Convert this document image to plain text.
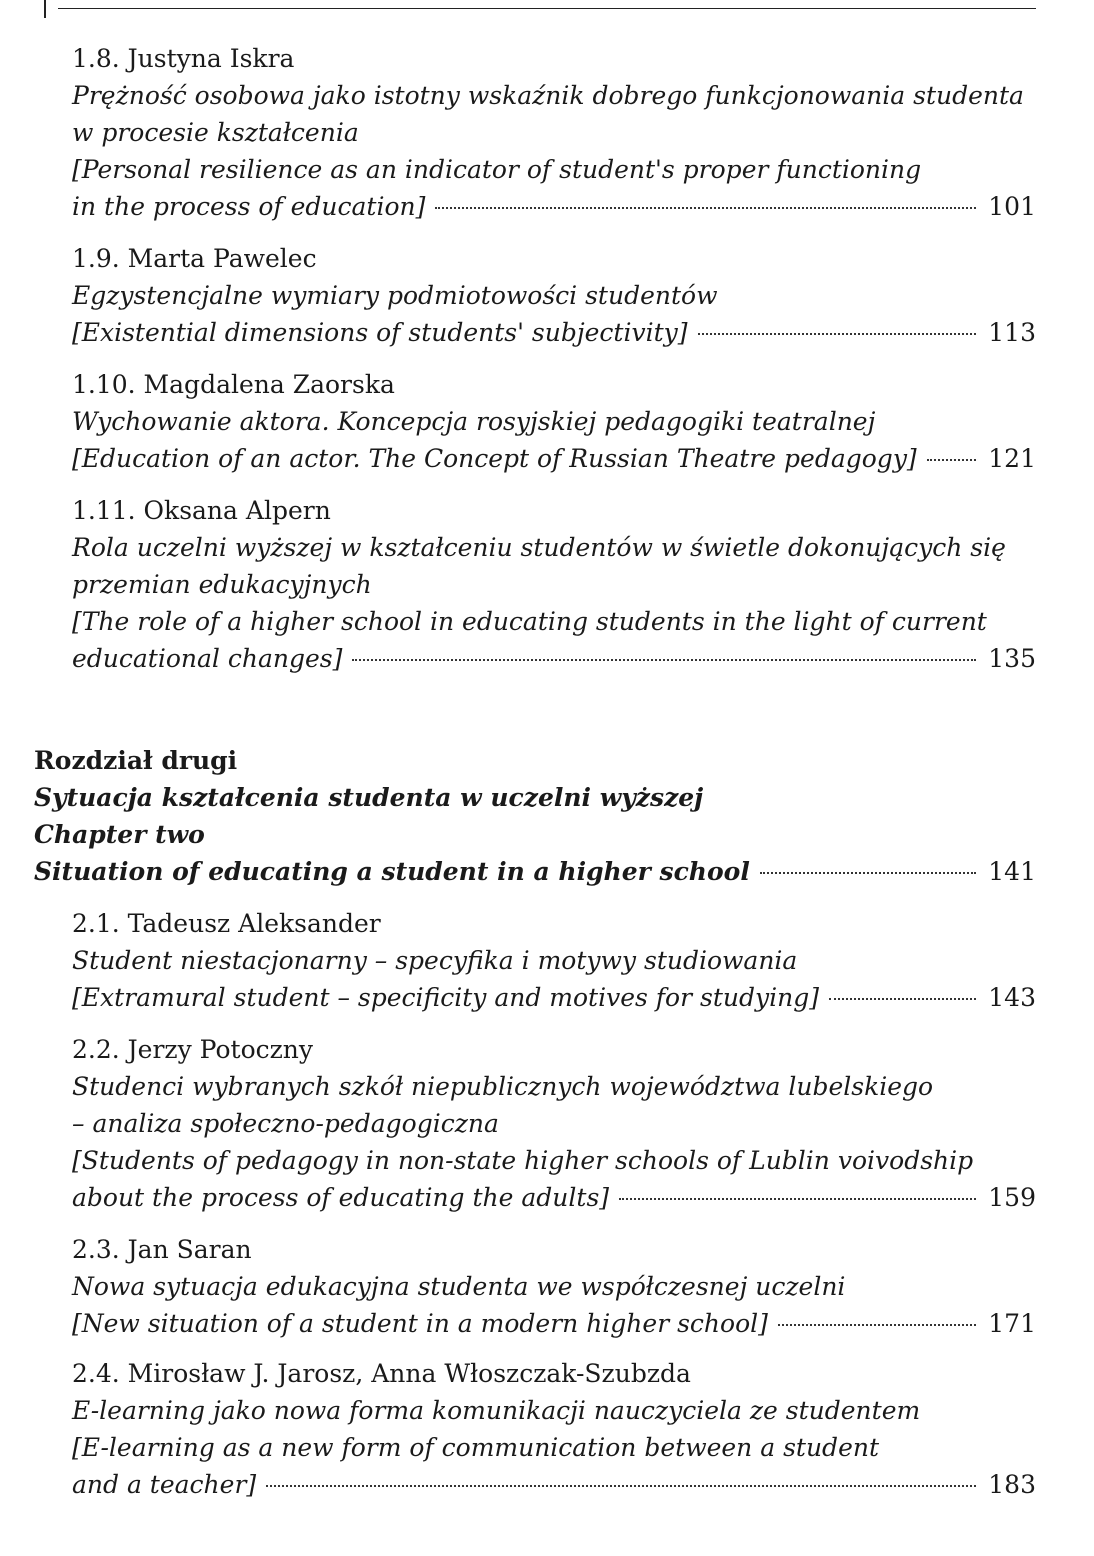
1.8. Justyna Iskra
Prężność osobowa jako istotny wskaźnik dobrego funkcjonowania studenta
w procesie kształcenia
[Personal resilience as an indicator of student's proper functioning
in the process of education]	101
1.9. Marta Pawelec
Egzystencjalne wymiary podmiotowości studentów
[Existential dimensions of students' subjectivity]	113
1.10. Magdalena Zaorska
Wychowanie aktora. Koncepcja rosyjskiej pedagogiki teatralnej
[Education of an actor. The Concept of Russian Theatre pedagogy]	121
1.11. Oksana Alpern
Rola uczelni wyższej w kształceniu studentów w świetle dokonujących się
przemian edukacyjnych
[The role of a higher school in educating students in the light of current
educational changes]	135
Rozdział drugi
Sytuacja kształcenia studenta w uczelni wyższej
Chapter two
Situation of educating a student in a higher school	141
2.1. Tadeusz Aleksander
Student niestacjonarny – specyfika i motywy studiowania
[Extramural student – specificity and motives for studying]	143
2.2. Jerzy Potoczny
Studenci wybranych szkół niepublicznych województwa lubelskiego
– analiza społeczno-pedagogiczna
[Students of pedagogy in non-state higher schools of Lublin voivodship
about the process of educating the adults]	159
2.3. Jan Saran
Nowa sytuacja edukacyjna studenta we współczesnej uczelni
[New situation of a student in a modern higher school]	171
2.4. Mirosław J. Jarosz, Anna Włoszczak-Szubzda
E-learning jako nowa forma komunikacji nauczyciela ze studentem
[E-learning as a new form of communication between a student
and a teacher]	183
